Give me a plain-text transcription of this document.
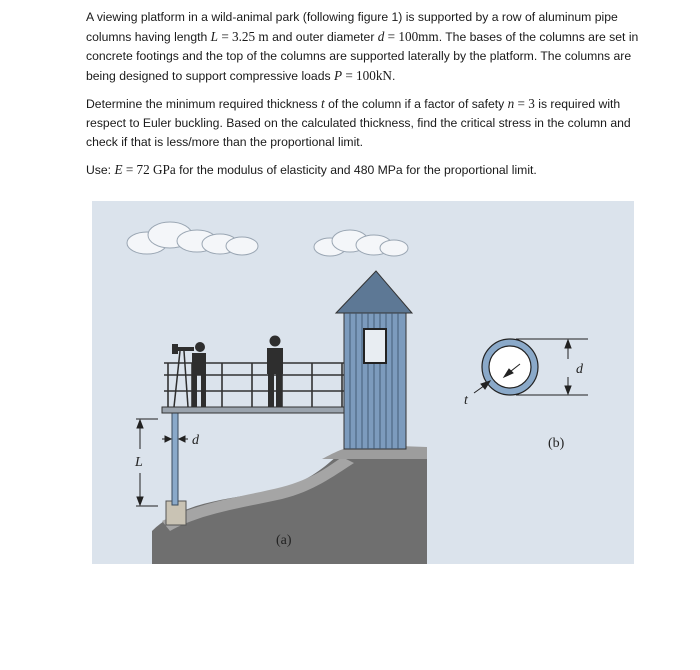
A viewing platform in a wild-animal park (following figure 1) is supported by a row of aluminum pipe columns having length L = 3.25 m and outer diameter d = 100mm. The bases of the columns are set in concrete footings and the top of the columns are supported laterally by the platform. The columns are being designed to support compressive loads P = 100kN.

Determine the minimum required thickness t of the column if a factor of safety n = 3 is required with respect to Euler buckling. Based on the calculated thickness, find the critical stress in the column and check if that is less/more than the proportional limit.

Use: E = 72 GPa for the modulus of elasticity and 480 MPa for the proportional limit.

L
d
(a)
d
t
(b)
